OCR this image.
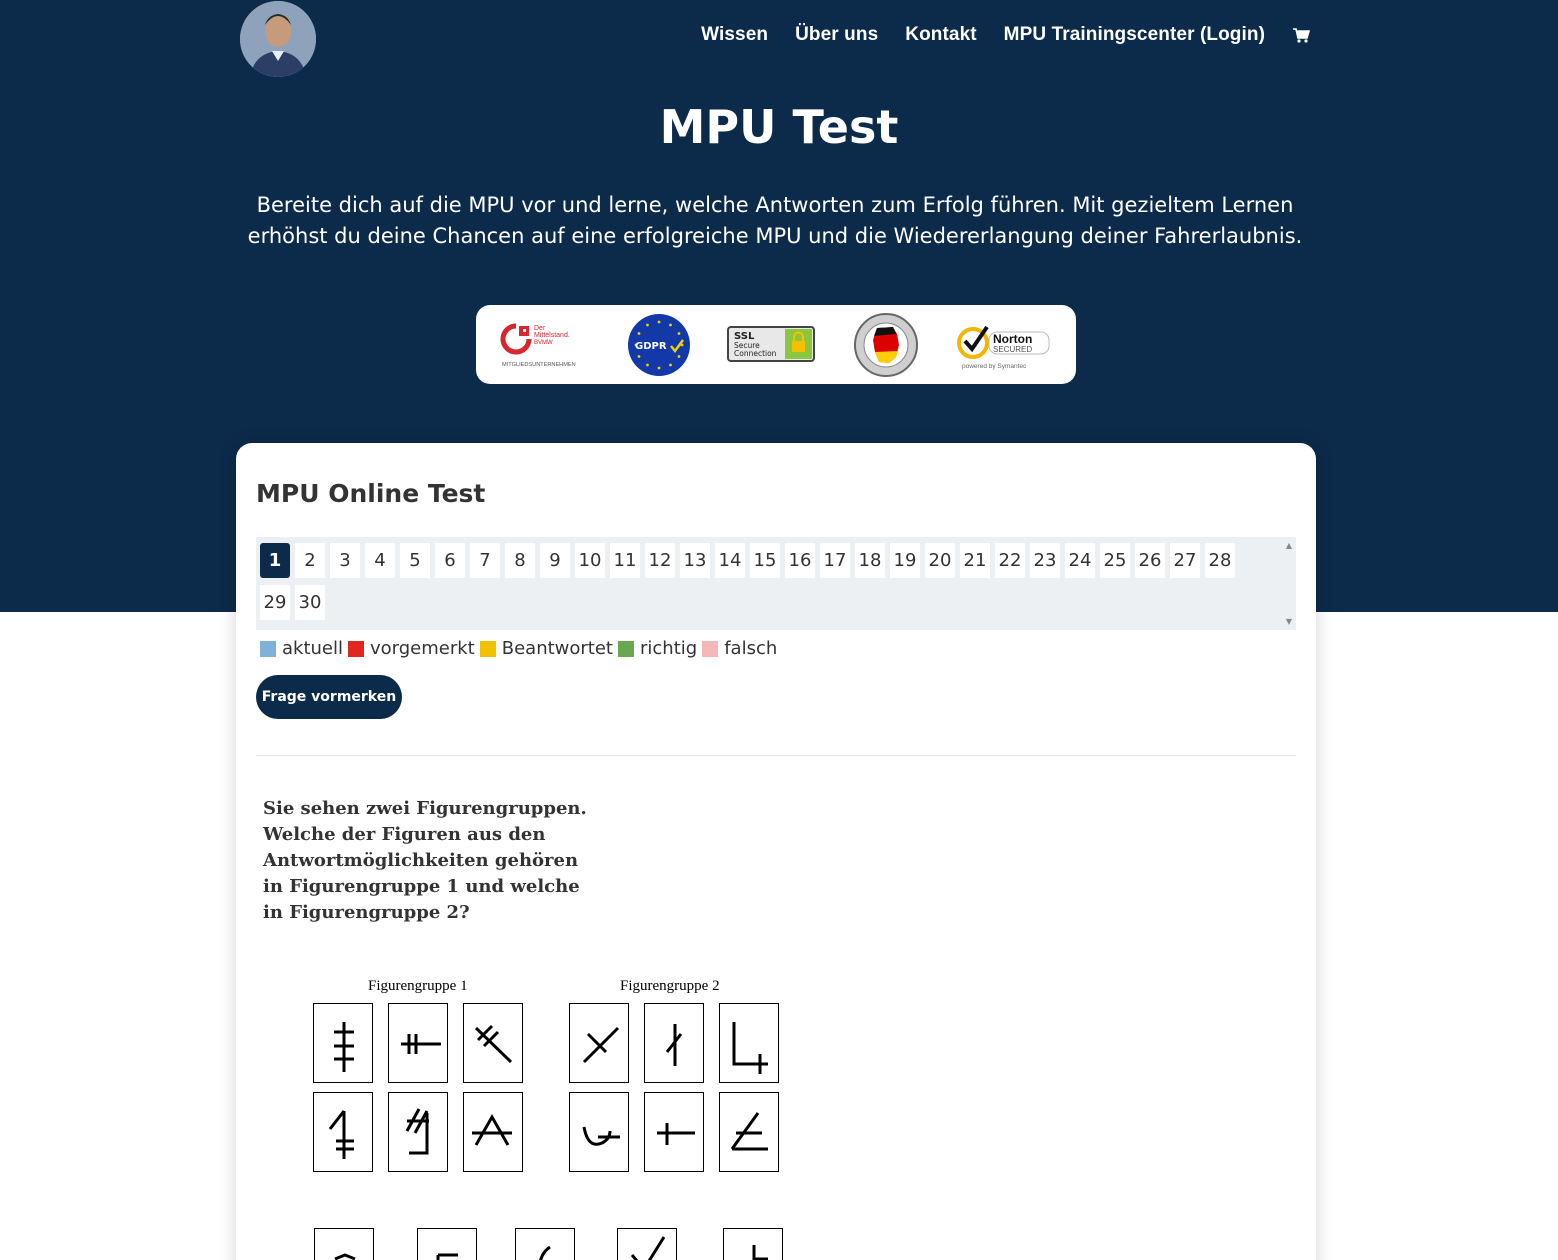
Wissen Über uns Kontakt MPU Trainingscenter (Login)
MPU Test

Bereite dich auf die MPU vor und lerne, welche Antworten zum Erfolg führen. Mit gezieltem Lernen erhöhst du deine Chancen auf eine erfolgreiche MPU und die Wiedererlangung deiner Fahrerlaubnis.

Der
Mittelstand.
BVMW
MITGLIEDSUNTERNEHMEN
GDPR
SSL
Secure
Connection
Norton
SECURED
powered by Symantec
MPU Online Test
1	2	3	4	5	6	7	8	9 10 11 12 13 14 15 16 17 18 19 20 21 22 23 24 25 26 27 28
29 30
▲
▼
aktuell vorgemerkt Beantwortet richtig falsch
Frage vormerken

Sie sehen zwei Figurengruppen. Welche der Figuren aus den Antwortmöglichkeiten gehören in Figurengruppe 1 und welche in Figurengruppe 2?

Figurengruppe 1	Figurengruppe 2
